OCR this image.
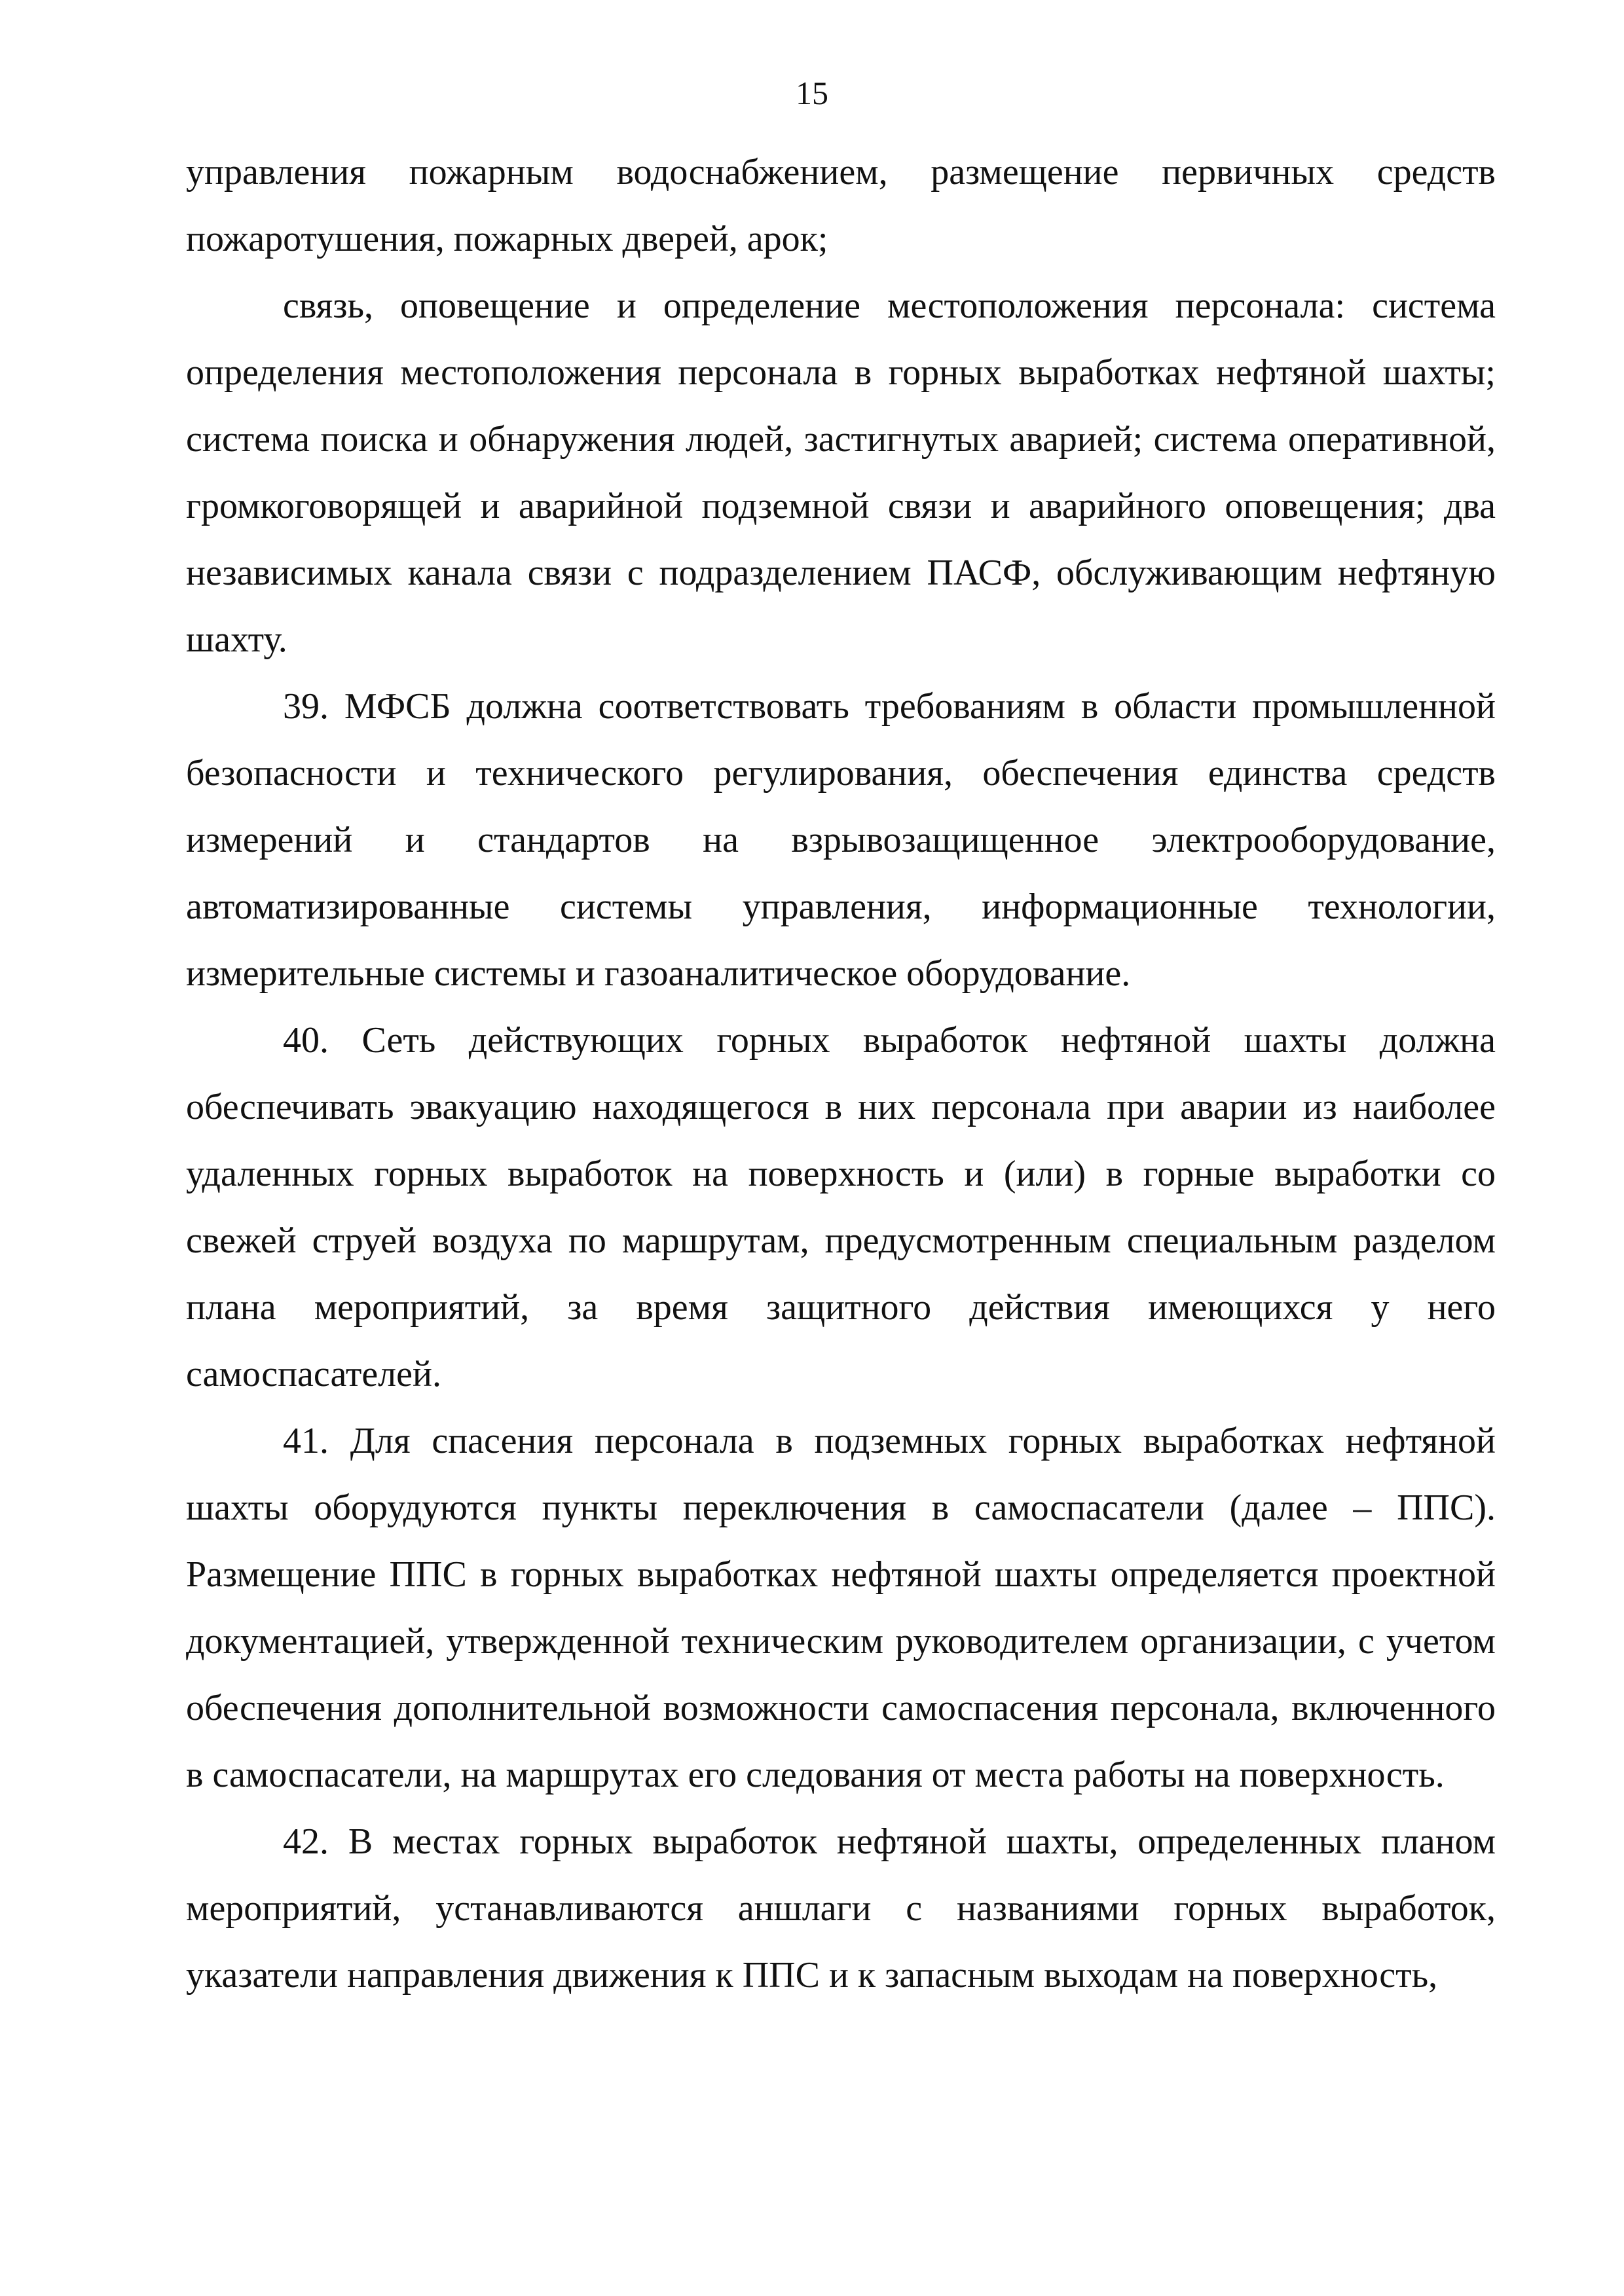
15

управления пожарным водоснабжением, размещение первичных средств пожаротушения, пожарных дверей, арок;

связь, оповещение и определение местоположения персонала: система определения местоположения персонала в горных выработках нефтяной шахты; система поиска и обнаружения людей, застигнутых аварией; система оперативной, громкоговорящей и аварийной подземной связи и аварийного оповещения; два независимых канала связи с подразделением ПАСФ, обслуживающим нефтяную шахту.

39. МФСБ должна соответствовать требованиям в области промышленной безопасности и технического регулирования, обеспечения единства средств измерений и стандартов на взрывозащищенное электрооборудование, автоматизированные системы управления, информационные технологии, измерительные системы и газоаналитическое оборудование.

40. Сеть действующих горных выработок нефтяной шахты должна обеспечивать эвакуацию находящегося в них персонала при аварии из наиболее удаленных горных выработок на поверхность и (или) в горные выработки со свежей струей воздуха по маршрутам, предусмотренным специальным разделом плана мероприятий, за время защитного действия имеющихся у него самоспасателей.

41. Для спасения персонала в подземных горных выработках нефтяной шахты оборудуются пункты переключения в самоспасатели (далее – ППС). Размещение ППС в горных выработках нефтяной шахты определяется проектной документацией, утвержденной техническим руководителем организации, с учетом обеспечения дополнительной возможности самоспасения персонала, включенного в самоспасатели, на маршрутах его следования от места работы на поверхность.

42. В местах горных выработок нефтяной шахты, определенных планом мероприятий, устанавливаются аншлаги с названиями горных выработок, указатели направления движения к ППС и к запасным выходам на поверхность,
